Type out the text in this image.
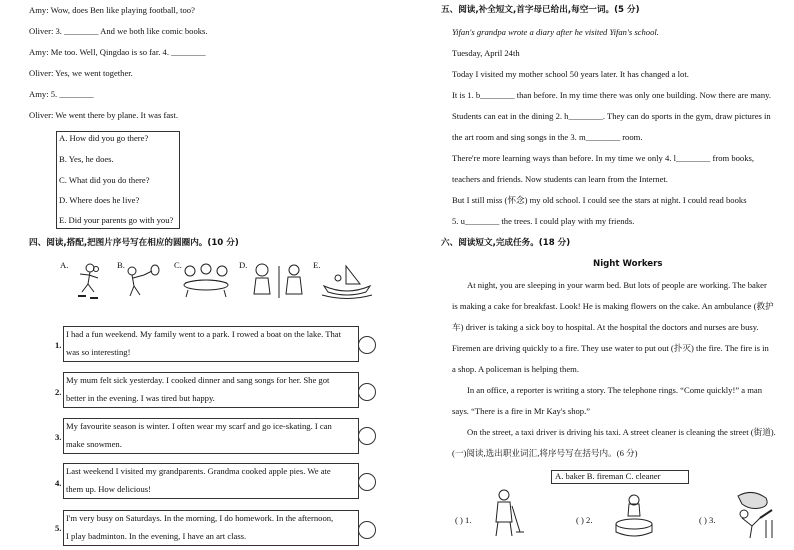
Amy: Wow, does Ben like playing football, too?
Oliver: 3. ________ And we both like comic books.
Amy: Me too. Well, Qingdao is so far. 4. ________
Oliver: Yes, we went together.
Amy: 5. ________
Oliver: We went there by plane. It was fast.
A. How did you go there?
B. Yes, he does.
C. What did you do there?
D. Where does he live?
E. Did your parents go with you?
四、阅读,搭配,把图片序号写在相应的圆圈内。(10 分)
A.	B.	C.	D.	E.
1.
I had a fun weekend. My family went to a park. I rowed a boat on the lake. That
was so interesting!
2.
My mum felt sick yesterday. I cooked dinner and sang songs for her. She got
better in the evening. I was tired but happy.
3.
My favourite season is winter. I often wear my scarf and go ice-skating. I can
make snowmen.
4.
Last weekend I visited my grandparents. Grandma cooked apple pies. We ate
them up. How delicious!
5.
I'm very busy on Saturdays. In the morning, I do homework. In the afternoon,
I play badminton. In the evening, I have an art class.
五、阅读,补全短文,首字母已给出,每空一词。(5 分)
Yifan's grandpa wrote a diary after he visited Yifan's school.
Tuesday, April 24th
Today I visited my mother school 50 years later. It has changed a lot.
It is 1. b________ than before. In my time there was only one building. Now there are many.
Students can eat in the dining 2. h________. They can do sports in the gym, draw pictures in
the art room and sing songs in the 3. m________ room.
There're more learning ways than before. In my time we only 4. l________ from books,
teachers and friends. Now students can learn from the Internet.
But I still miss (怀念) my old school. I could see the stars at night. I could read books
5. u________ the trees. I could play with my friends.
六、阅读短文,完成任务。(18 分)
Night Workers
At night, you are sleeping in your warm bed. But lots of people are working. The baker
is making a cake for breakfast. Look! He is making flowers on the cake. An ambulance (救护
车) driver is taking a sick boy to hospital. At the hospital the doctors and nurses are busy.
Firemen are driving quickly to a fire. They use water to put out (扑灭) the fire. The fire is in
a shop. A policeman is helping them.
In an office, a reporter is writing a story. The telephone rings. “Come quickly!” a man
says. “There is a fire in Mr Kay's shop.”
On the street, a taxi driver is driving his taxi. A street cleaner is cleaning the street (街道).
(一)阅读,选出职业词汇,将序号写在括号内。(6 分)
A. baker B. fireman C. cleaner
( ) 1.	( ) 2.	( ) 3.
